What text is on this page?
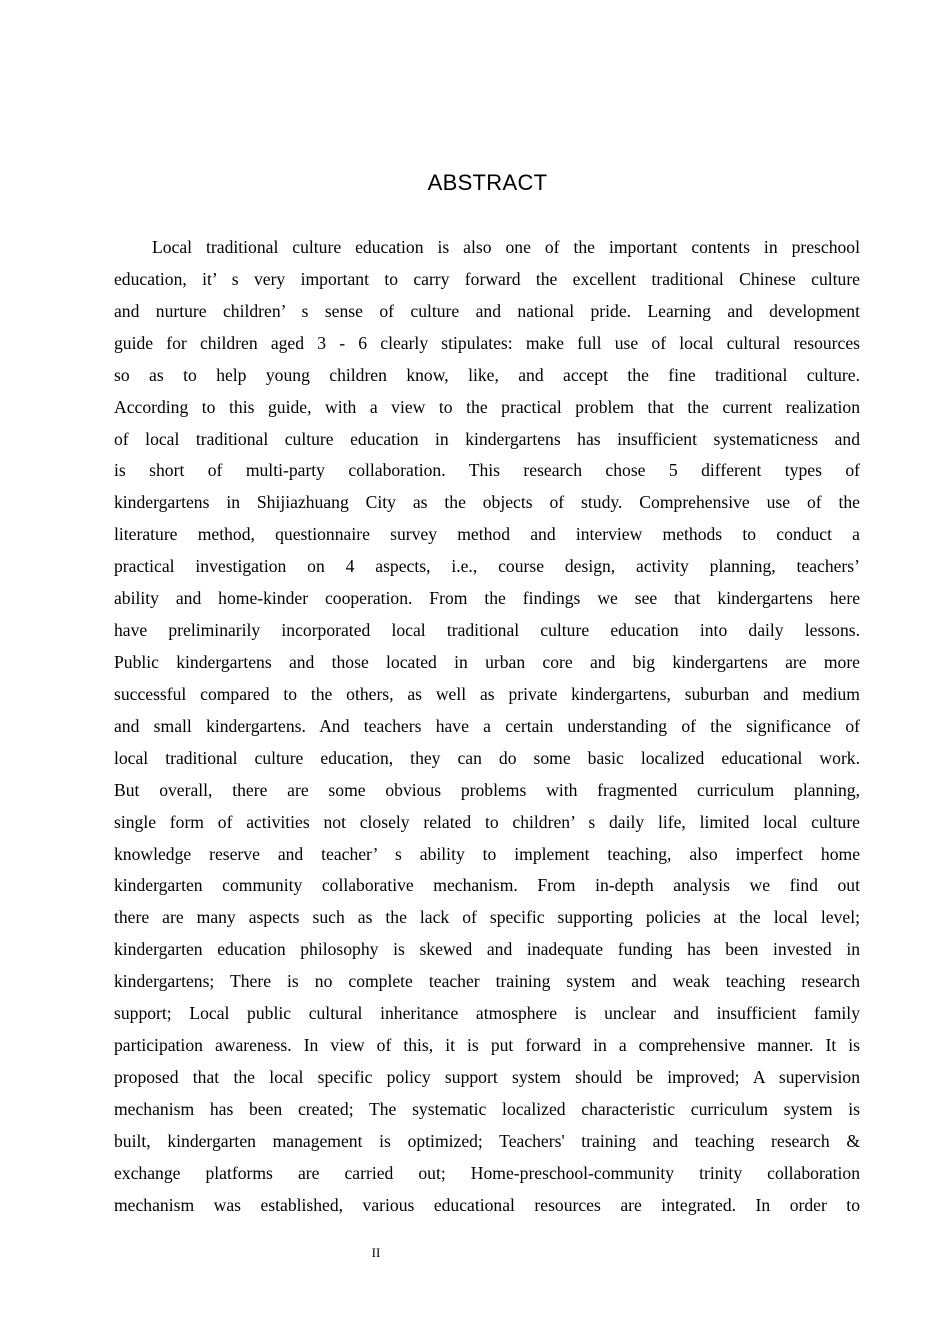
ABSTRACT
Local traditional culture education is also one of the important contents in preschool
education, it’ s very important to carry forward the excellent traditional Chinese culture
and nurture children’ s sense of culture and national pride. Learning and development
guide for children aged 3 - 6 clearly stipulates: make full use of local cultural resources
so as to help young children know, like, and accept the fine traditional culture.
According to this guide, with a view to the practical problem that the current realization
of local traditional culture education in kindergartens has insufficient systematicness and
is short of multi-party collaboration. This research chose 5 different types of
kindergartens in Shijiazhuang City as the objects of study. Comprehensive use of the
literature method, questionnaire survey method and interview methods to conduct a
practical investigation on 4 aspects, i.e., course design, activity planning, teachers’
ability and home-kinder cooperation. From the findings we see that kindergartens here
have preliminarily incorporated local traditional culture education into daily lessons.
Public kindergartens and those located in urban core and big kindergartens are more
successful compared to the others, as well as private kindergartens, suburban and medium
and small kindergartens. And teachers have a certain understanding of the significance of
local traditional culture education, they can do some basic localized educational work.
But overall, there are some obvious problems with fragmented curriculum planning,
single form of activities not closely related to children’ s daily life, limited local culture
knowledge reserve and teacher’ s ability to implement teaching, also imperfect home
kindergarten community collaborative mechanism. From in-depth analysis we find out
there are many aspects such as the lack of specific supporting policies at the local level;
kindergarten education philosophy is skewed and inadequate funding has been invested in
kindergartens; There is no complete teacher training system and weak teaching research
support; Local public cultural inheritance atmosphere is unclear and insufficient family
participation awareness. In view of this, it is put forward in a comprehensive manner. It is
proposed that the local specific policy support system should be improved; A supervision
mechanism has been created; The systematic localized characteristic curriculum system is
built, kindergarten management is optimized; Teachers' training and teaching research &
exchange platforms are carried out; Home-preschool-community trinity collaboration
mechanism was established, various educational resources are integrated. In order to
II
